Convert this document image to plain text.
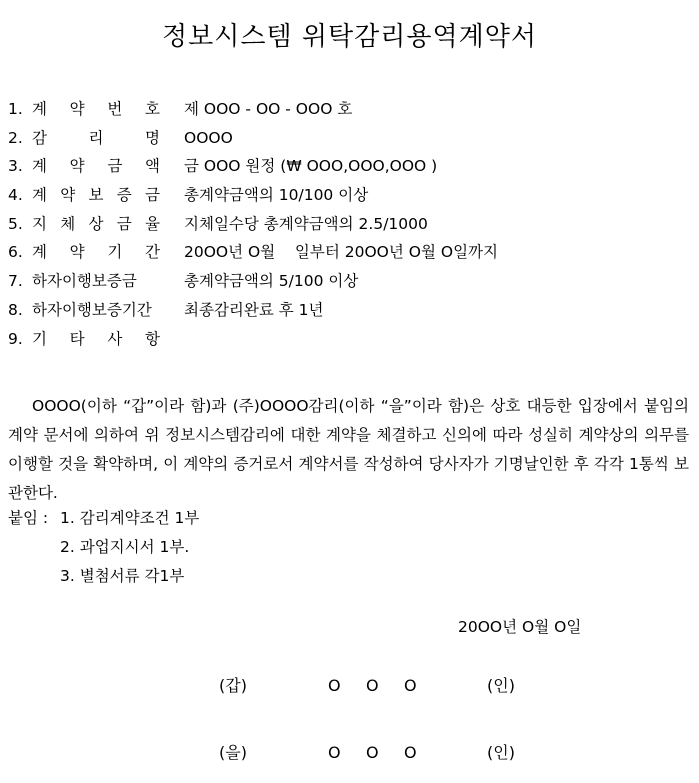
정보시스템 위탁감리용역계약서
1. 계 약 번 호 제 OOO - OO - OOO 호
2. 감	리	명 OOOO
3. 계 약 금 액 금 OOO 원정 (₩ OOO,OOO,OOO )
4. 계 약 보 증 금 총계약금액의 10/100 이상
5. 지 체 상 금 율 지체일수당 총계약금액의 2.5/1000
6. 계 약 기 간 20OO년 O월    일부터 20OO년 O월 O일까지
7. 하자이행보증금	총계약금액의 5/100 이상
8. 하자이행보증기간 최종감리완료 후 1년
9. 기 타 사 항

OOOO(이하 “갑”이라 함)과 (주)OOOO감리(이하 “을”이라 함)은 상호 대등한 입장에서 붙임의 계약 문서에 의하여 위 정보시스템감리에 대한 계약을 체결하고 신의에 따라 성실히 계약상의 의무를 이행할 것을 확약하며, 이 계약의 증거로서 계약서를 작성하여 당사자가 기명날인한 후 각각 1통씩 보관한다.

붙임 : 1. 감리계약조건 1부
2. 과업지시서 1부.
3. 별첨서류 각1부
20OO년 O월 O일
(갑)	O O O	(인)
(을)	O O O	(인)
